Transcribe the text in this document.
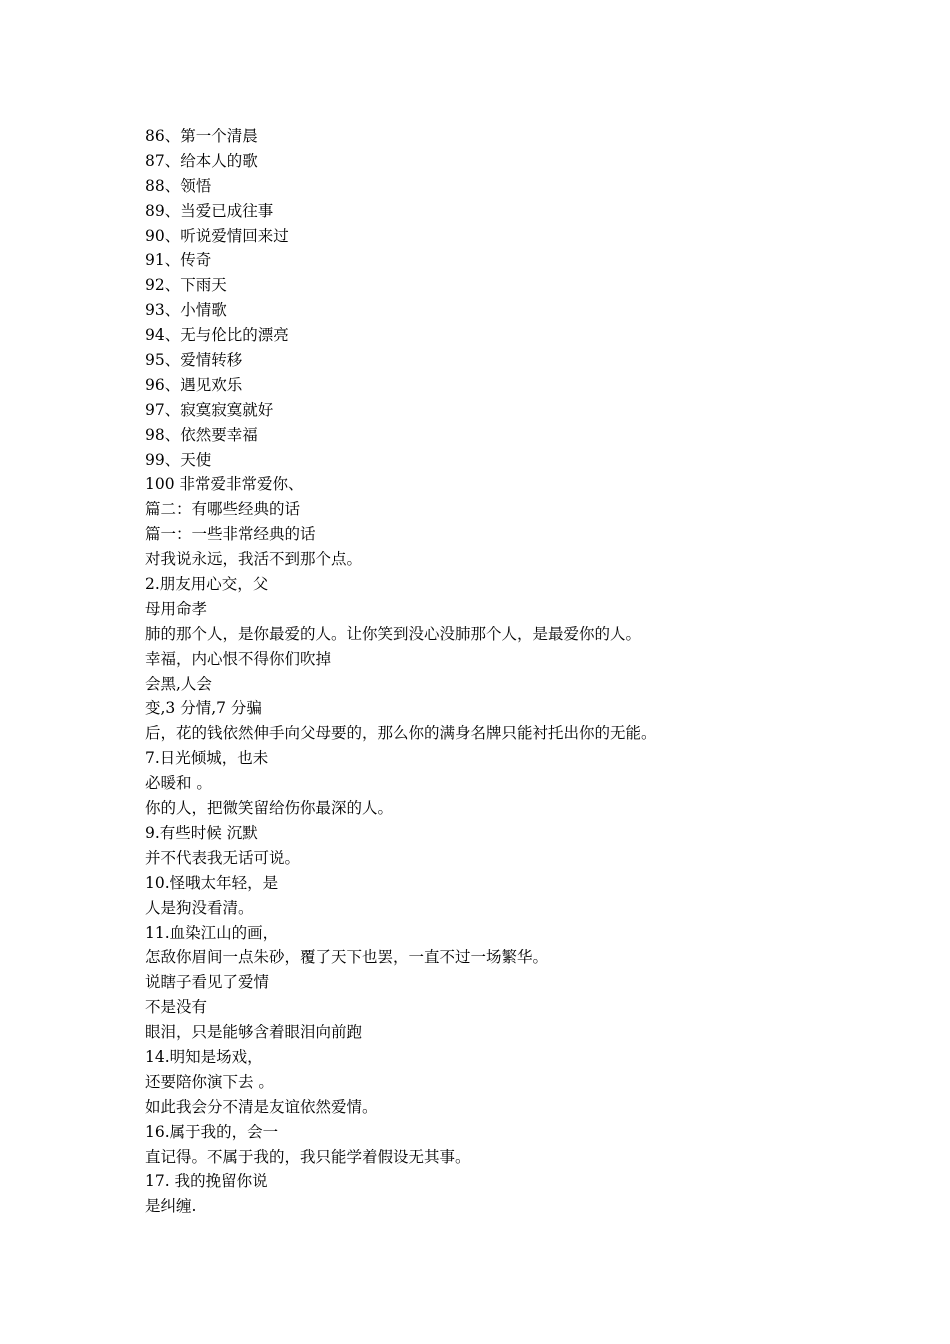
86、第一个清晨
87、给本人的歌
88、领悟
89、当爱已成往事
90、听说爱情回来过
91、传奇
92、下雨天
93、小情歌
94、无与伦比的漂亮
95、爱情转移
96、遇见欢乐
97、寂寞寂寞就好
98、依然要幸福
99、天使
100 非常爱非常爱你、
篇二：有哪些经典的话
篇一：一些非常经典的话
对我说永远，我活不到那个点。
2.朋友用心交，父
母用命孝
肺的那个人，是你最爱的人。让你笑到没心没肺那个人，是最爱你的人。
幸福，内心恨不得你们吹掉
会黑,人会
变,3 分情,7 分骗
后，花的钱依然伸手向父母要的，那么你的满身名牌只能衬托出你的无能。
7.日光倾城，也未
必暖和 。
你的人，把微笑留给伤你最深的人。
9.有些时候 沉默
并不代表我无话可说。
10.怪哦太年轻，是
人是狗没看清。
11.血染江山的画，
怎敌你眉间一点朱砂，覆了天下也罢，一直不过一场繁华。
说瞎子看见了爱情
不是没有
眼泪，只是能够含着眼泪向前跑
14.明知是场戏，
还要陪你演下去 。
如此我会分不清是友谊依然爱情。
16.属于我的，会一
直记得。不属于我的，我只能学着假设无其事。
17. 我的挽留你说
是纠缠.
